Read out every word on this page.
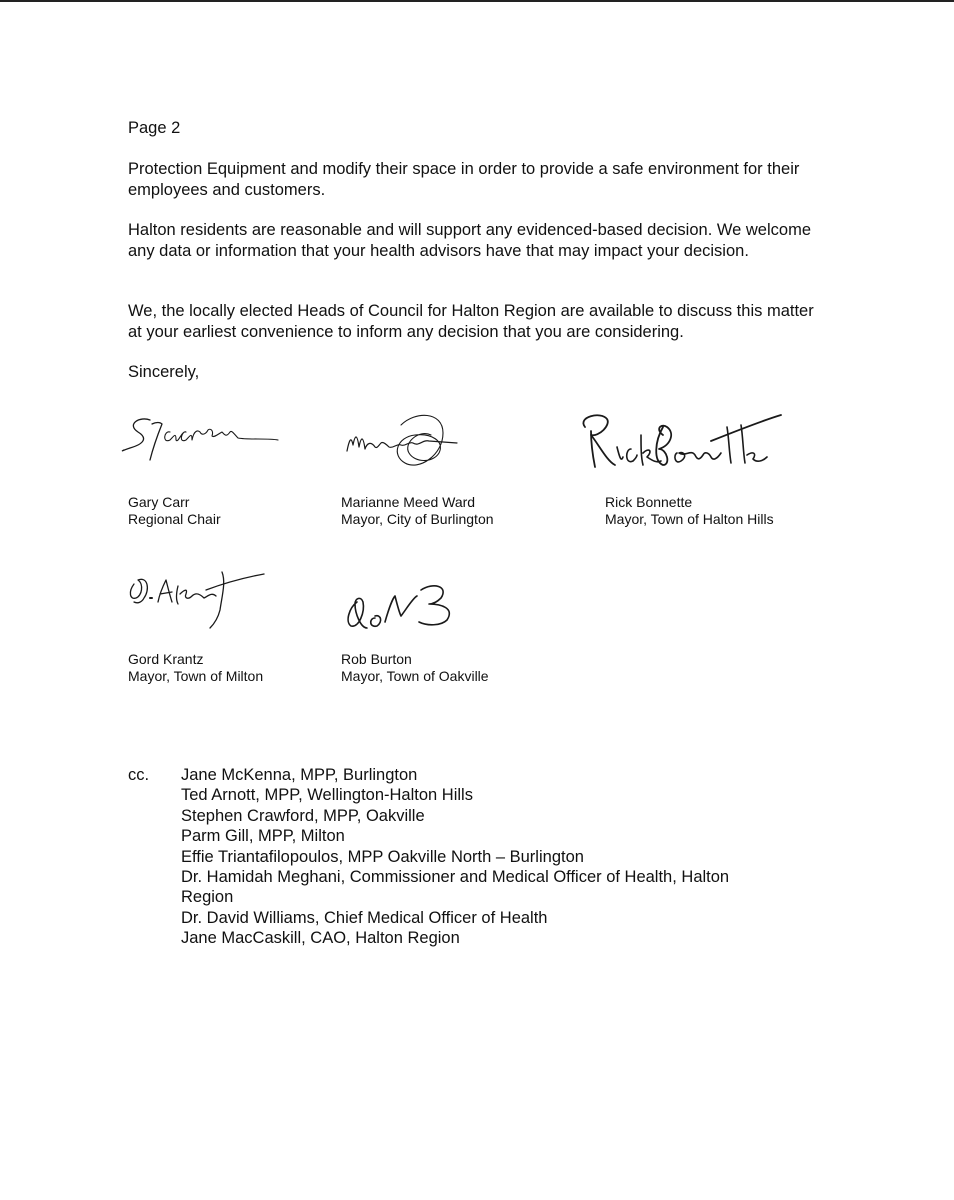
Page 2

Protection Equipment and modify their space in order to provide a safe environment for their employees and customers.

Halton residents are reasonable and will support any evidenced-based decision. We welcome any data or information that your health advisors have that may impact your decision.

We, the locally elected Heads of Council for Halton Region are available to discuss this matter at your earliest convenience to inform any decision that you are considering.

Sincerely,
Gary Carr
Regional Chair
Marianne Meed Ward
Mayor, City of Burlington
Rick Bonnette
Mayor, Town of Halton Hills
Gord Krantz
Mayor, Town of Milton
Rob Burton
Mayor, Town of Oakville
cc. Jane McKenna, MPP, Burlington
Ted Arnott, MPP, Wellington-Halton Hills
Stephen Crawford, MPP, Oakville
Parm Gill, MPP, Milton
Effie Triantafilopoulos, MPP Oakville North – Burlington
Dr. Hamidah Meghani, Commissioner and Medical Officer of Health, Halton Region
Dr. David Williams, Chief Medical Officer of Health
Jane MacCaskill, CAO, Halton Region
